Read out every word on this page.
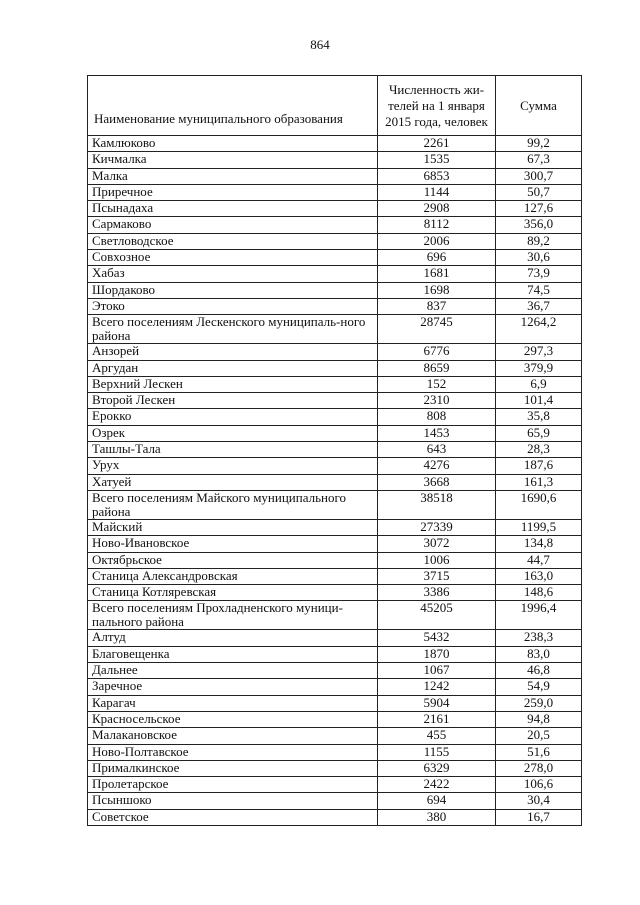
864
Наименование муниципального образования	Численность жи-телей на 1 января 2015 года, человек	Сумма
Камлюково	2261	99,2
Кичмалка	1535	67,3
Малка	6853	300,7
Приречное	1144	50,7
Псынадаха	2908	127,6
Сармаково	8112	356,0
Светловодское	2006	89,2
Совхозное	696	30,6
Хабаз	1681	73,9
Шордаково	1698	74,5
Этоко	837	36,7
Всего поселениям Лескенского муниципаль-ного района	28745	1264,2
Анзорей	6776	297,3
Аргудан	8659	379,9
Верхний Лескен	152	6,9
Второй Лескен	2310	101,4
Ерокко	808	35,8
Озрек	1453	65,9
Ташлы-Тала	643	28,3
Урух	4276	187,6
Хатуей	3668	161,3
Всего поселениям Майского муниципального района	38518	1690,6
Майский	27339	1199,5
Ново-Ивановское	3072	134,8
Октябрьское	1006	44,7
Станица Александровская	3715	163,0
Станица Котляревская	3386	148,6
Всего поселениям Прохладненского муници-пального района	45205	1996,4
Алтуд	5432	238,3
Благовещенка	1870	83,0
Дальнее	1067	46,8
Заречное	1242	54,9
Карагач	5904	259,0
Красносельское	2161	94,8
Малакановское	455	20,5
Ново-Полтавское	1155	51,6
Прималкинское	6329	278,0
Пролетарское	2422	106,6
Псыншоко	694	30,4
Советское	380	16,7
